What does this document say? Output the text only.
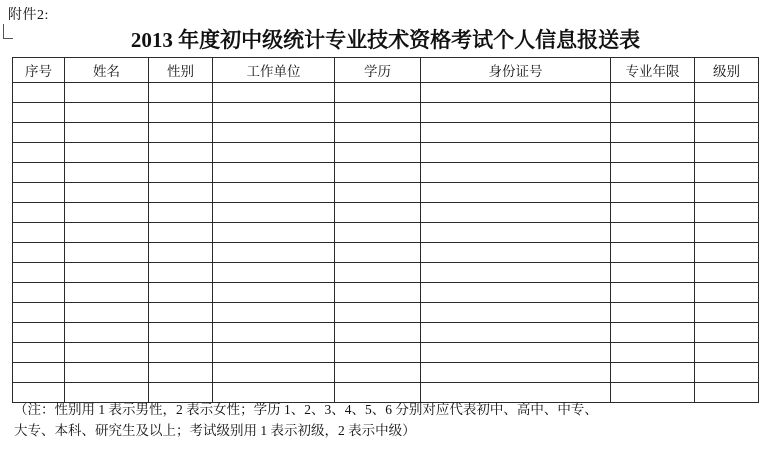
附件2:
2013 年度初中级统计专业技术资格考试个人信息报送表
序号	姓名	性别	工作单位	学历	身份证号	专业年限	级别

（注：性别用 1 表示男性，2 表示女性；学历 1、2、3、4、5、6 分别对应代表初中、高中、中专、
大专、本科、研究生及以上；考试级别用 1 表示初级，2 表示中级）
